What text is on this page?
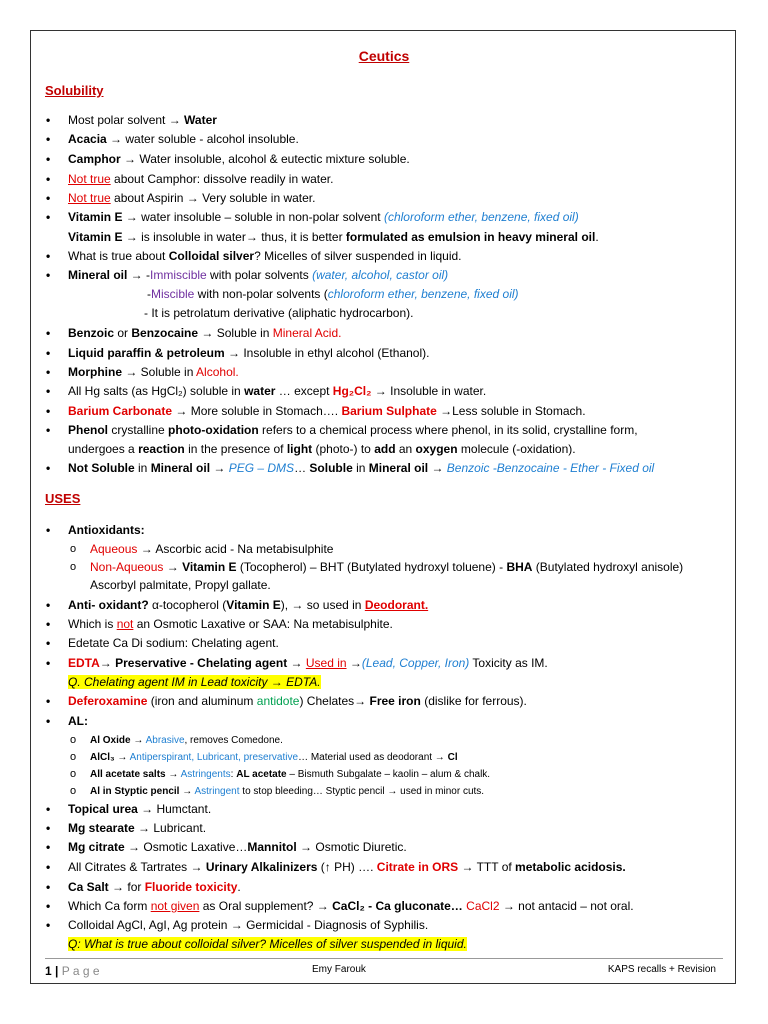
Ceutics
Solubility
• Most polar solvent → Water
• Acacia → water soluble - alcohol insoluble.
• Camphor → Water insoluble, alcohol & eutectic mixture soluble.
• Not true about Camphor: dissolve readily in water.
• Not true about Aspirin → Very soluble in water.
• Vitamin E → water insoluble – soluble in non-polar solvent (chloroform ether, benzene, fixed oil)
Vitamin E → is insoluble in water→ thus, it is better formulated as emulsion in heavy mineral oil.
• What is true about Colloidal silver? Micelles of silver suspended in liquid.
• Mineral oil → -Immiscible with polar solvents (water, alcohol, castor oil)
-Miscible with non-polar solvents (chloroform ether, benzene, fixed oil)
- It is petrolatum derivative (aliphatic hydrocarbon).
• Benzoic or Benzocaine → Soluble in Mineral Acid.
• Liquid paraffin & petroleum → Insoluble in ethyl alcohol (Ethanol).
• Morphine → Soluble in Alcohol.
• All Hg salts (as HgCl₂) soluble in water … except Hg₂Cl₂ → Insoluble in water.
• Barium Carbonate → More soluble in Stomach…. Barium Sulphate →Less soluble in Stomach.
• Phenol crystalline photo-oxidation refers to a chemical process where phenol, in its solid, crystalline form,
undergoes a reaction in the presence of light (photo-) to add an oxygen molecule (-oxidation).
• Not Soluble in Mineral oil → PEG – DMS… Soluble in Mineral oil → Benzoic -Benzocaine - Ether - Fixed oil
USES
• Antioxidants:
o Aqueous → Ascorbic acid - Na metabisulphite
o Non-Aqueous → Vitamin E (Tocopherol) – BHT (Butylated hydroxyl toluene) - BHA (Butylated hydroxyl anisole)
Ascorbyl palmitate, Propyl gallate.
• Anti- oxidant? α-tocopherol (Vitamin E), → so used in Deodorant.
• Which is not an Osmotic Laxative or SAA: Na metabisulphite.
• Edetate Ca Di sodium: Chelating agent.
• EDTA→ Preservative - Chelating agent → Used in →(Lead, Copper, Iron) Toxicity as IM.
Q. Chelating agent IM in Lead toxicity → EDTA.
• Deferoxamine (iron and aluminum antidote) Chelates→ Free iron (dislike for ferrous).
• AL:
o Al Oxide → Abrasive, removes Comedone.
o AlCl₃ → Antiperspirant, Lubricant, preservative… Material used as deodorant → Cl
o All acetate salts → Astringents: AL acetate – Bismuth Subgalate – kaolin – alum & chalk.
o Al in Styptic pencil → Astringent to stop bleeding… Styptic pencil → used in minor cuts.
• Topical urea → Humctant.
• Mg stearate → Lubricant.
• Mg citrate → Osmotic Laxative…Mannitol → Osmotic Diuretic.
• All Citrates & Tartrates → Urinary Alkalinizers (↑ PH) …. Citrate in ORS → TTT of metabolic acidosis.
• Ca Salt → for Fluoride toxicity.
• Which Ca form not given as Oral supplement? → CaCl₂ - Ca gluconate… CaCl2 → not antacid – not oral.
• Colloidal AgCl, AgI, Ag protein → Germicidal - Diagnosis of Syphilis.
Q: What is true about colloidal silver? Micelles of silver suspended in liquid.
1 | P a g e	Emy Farouk	KAPS recalls + Revision
